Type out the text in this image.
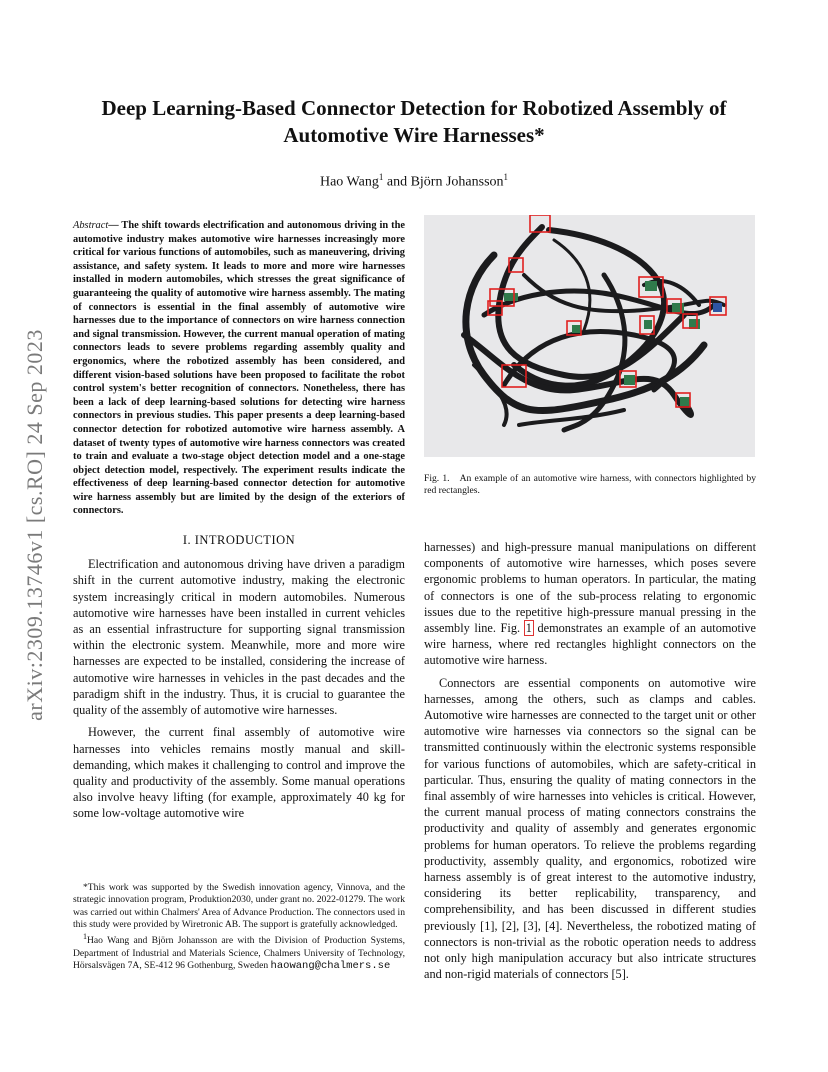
arXiv:2309.13746v1 [cs.RO] 24 Sep 2023
Deep Learning-Based Connector Detection for Robotized Assembly of
Automotive Wire Harnesses*
Hao Wang$^1$ and Björn Johansson$^1$
Abstract— The shift towards electrification and autonomous driving in the automotive industry makes automotive wire harnesses increasingly more critical for various functions of automobiles, such as maneuvering, driving assistance, and safety system. It leads to more and more wire harnesses installed in modern automobiles, which stresses the great significance of guaranteeing the quality of automotive wire harness assembly. The mating of connectors is essential in the final assembly of automotive wire harnesses due to the importance of connectors on wire harness connection and signal transmission. However, the current manual operation of mating connectors leads to severe problems regarding assembly quality and ergonomics, where the robotized assembly has been considered, and different vision-based solutions have been proposed to facilitate the robot control system's better recognition of connectors. Nonetheless, there has been a lack of deep learning-based solutions for detecting wire harness connectors in previous studies. This paper presents a deep learning-based connector detection for robotized automotive wire harness assembly. A dataset of twenty types of automotive wire harness connectors was created to train and evaluate a two-stage object detection model and a one-stage object detection model, respectively. The experiment results indicate the effectiveness of deep learning-based connector detection for automotive wire harness assembly but are limited by the design of the exteriors of connectors.
I. INTRODUCTION

Electrification and autonomous driving have driven a paradigm shift in the current automotive industry, making the electronic system increasingly critical in modern automobiles. Numerous automotive wire harnesses have been installed in current vehicles as an essential infrastructure for supporting signal transmission within the electronic system. Meanwhile, more and more wire harnesses are expected to be installed, considering the increase of automotive wire harnesses in vehicles in the past decades and the paradigm shift in the industry. Thus, it is crucial to guarantee the quality of the assembly of automotive wire harnesses.

However, the current final assembly of automotive wire harnesses into vehicles remains mostly manual and skill-demanding, which makes it challenging to control and improve the quality and productivity of the assembly. Some manual operations also involve heavy lifting (for example, approximately 40 kg for some low-voltage automotive wire

*This work was supported by the Swedish innovation agency, Vinnova, and the strategic innovation program, Produktion2030, under grant no. 2022-01279. The work was carried out within Chalmers' Area of Advance Production. The connectors used in this study were provided by Wiretronic AB. The support is gratefully acknowledged.

$^1$Hao Wang and Björn Johansson are with the Division of Production Systems, Department of Industrial and Materials Science, Chalmers University of Technology, Hörsalsvägen 7A, SE-412 96 Gothenburg, Sweden haowang@chalmers.se

Fig. 1. An example of an automotive wire harness, with connectors highlighted by red rectangles.

harnesses) and high-pressure manual manipulations on different components of automotive wire harnesses, which poses severe ergonomic problems to human operators. In particular, the mating of connectors is one of the sub-process relating to ergonomic issues due to the repetitive high-pressure manual pressing in the assembly line. Fig. 1 demonstrates an example of an automotive wire harness, where red rectangles highlight connectors on the automotive wire harness.

Connectors are essential components on automotive wire harnesses, among the others, such as clamps and cables. Automotive wire harnesses are connected to the target unit or other automotive wire harnesses via connectors so the signal can be transmitted continuously within the electronic systems responsible for various functions of automobiles, which are safety-critical in particular. Thus, ensuring the quality of mating connectors in the final assembly of wire harnesses into vehicles is critical. However, the current manual process of mating connectors constrains the productivity and quality of assembly and generates ergonomic problems for human operators. To relieve the problems regarding productivity, assembly quality, and ergonomics, robotized wire harness assembly is of great interest to the automotive industry, considering its better replicability, transparency, and comprehensibility, and has been discussed in different studies previously [1], [2], [3], [4]. Nevertheless, the robotized mating of connectors is non-trivial as the robotic operation needs to address not only high manipulation accuracy but also intricate structures and non-rigid materials of connectors [5].
